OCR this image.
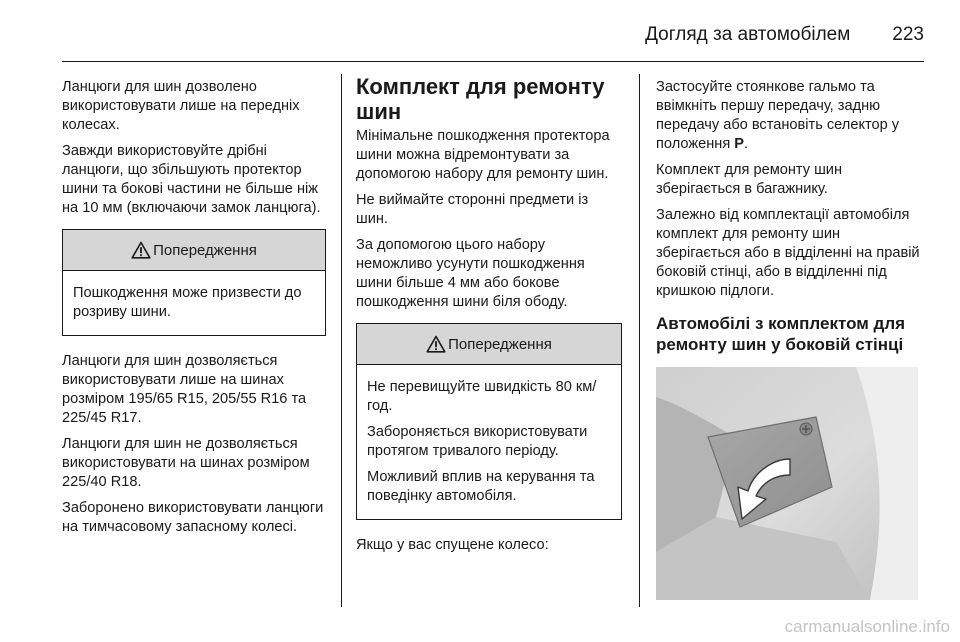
Догляд за автомобілем 223

Ланцюги для шин дозволено використовувати лише на передніх колесах.

Завжди використовуйте дрібні ланцюги, що збільшують протектор шини та бокові частини не більше ніж на 10 мм (включаючи замок ланцюга).

Попередження

Пошкодження може призвести до розриву шини.

Ланцюги для шин дозволяється використовувати лише на шинах розміром 195/65 R15, 205/55 R16 та 225/45 R17.

Ланцюги для шин не дозволяється використовувати на шинах розміром 225/40 R18.

Заборонено використовувати ланцюги на тимчасовому запасному колесі.

Комплект для ремонту шин

Мінімальне пошкодження протектора шини можна відремонтувати за допомогою набору для ремонту шин.

Не виймайте сторонні предмети із шин.

За допомогою цього набору неможливо усунути пошкодження шини більше 4 мм або бокове пошкодження шини біля ободу.

Попередження

Не перевищуйте швидкість 80 км/год.

Забороняється використовувати протягом тривалого періоду.

Можливий вплив на керування та поведінку автомобіля.

Якщо у вас спущене колесо:

Застосуйте стоянкове гальмо та ввімкніть першу передачу, задню передачу або встановіть селектор у положення P.

Комплект для ремонту шин зберігається в багажнику.

Залежно від комплектації автомобіля комплект для ремонту шин зберігається або в відділенні на правій боковій стінці, або в відділенні під кришкою підлоги.

Автомобілі з комплектом для ремонту шин у боковій стінці
carmanualsonline.info
